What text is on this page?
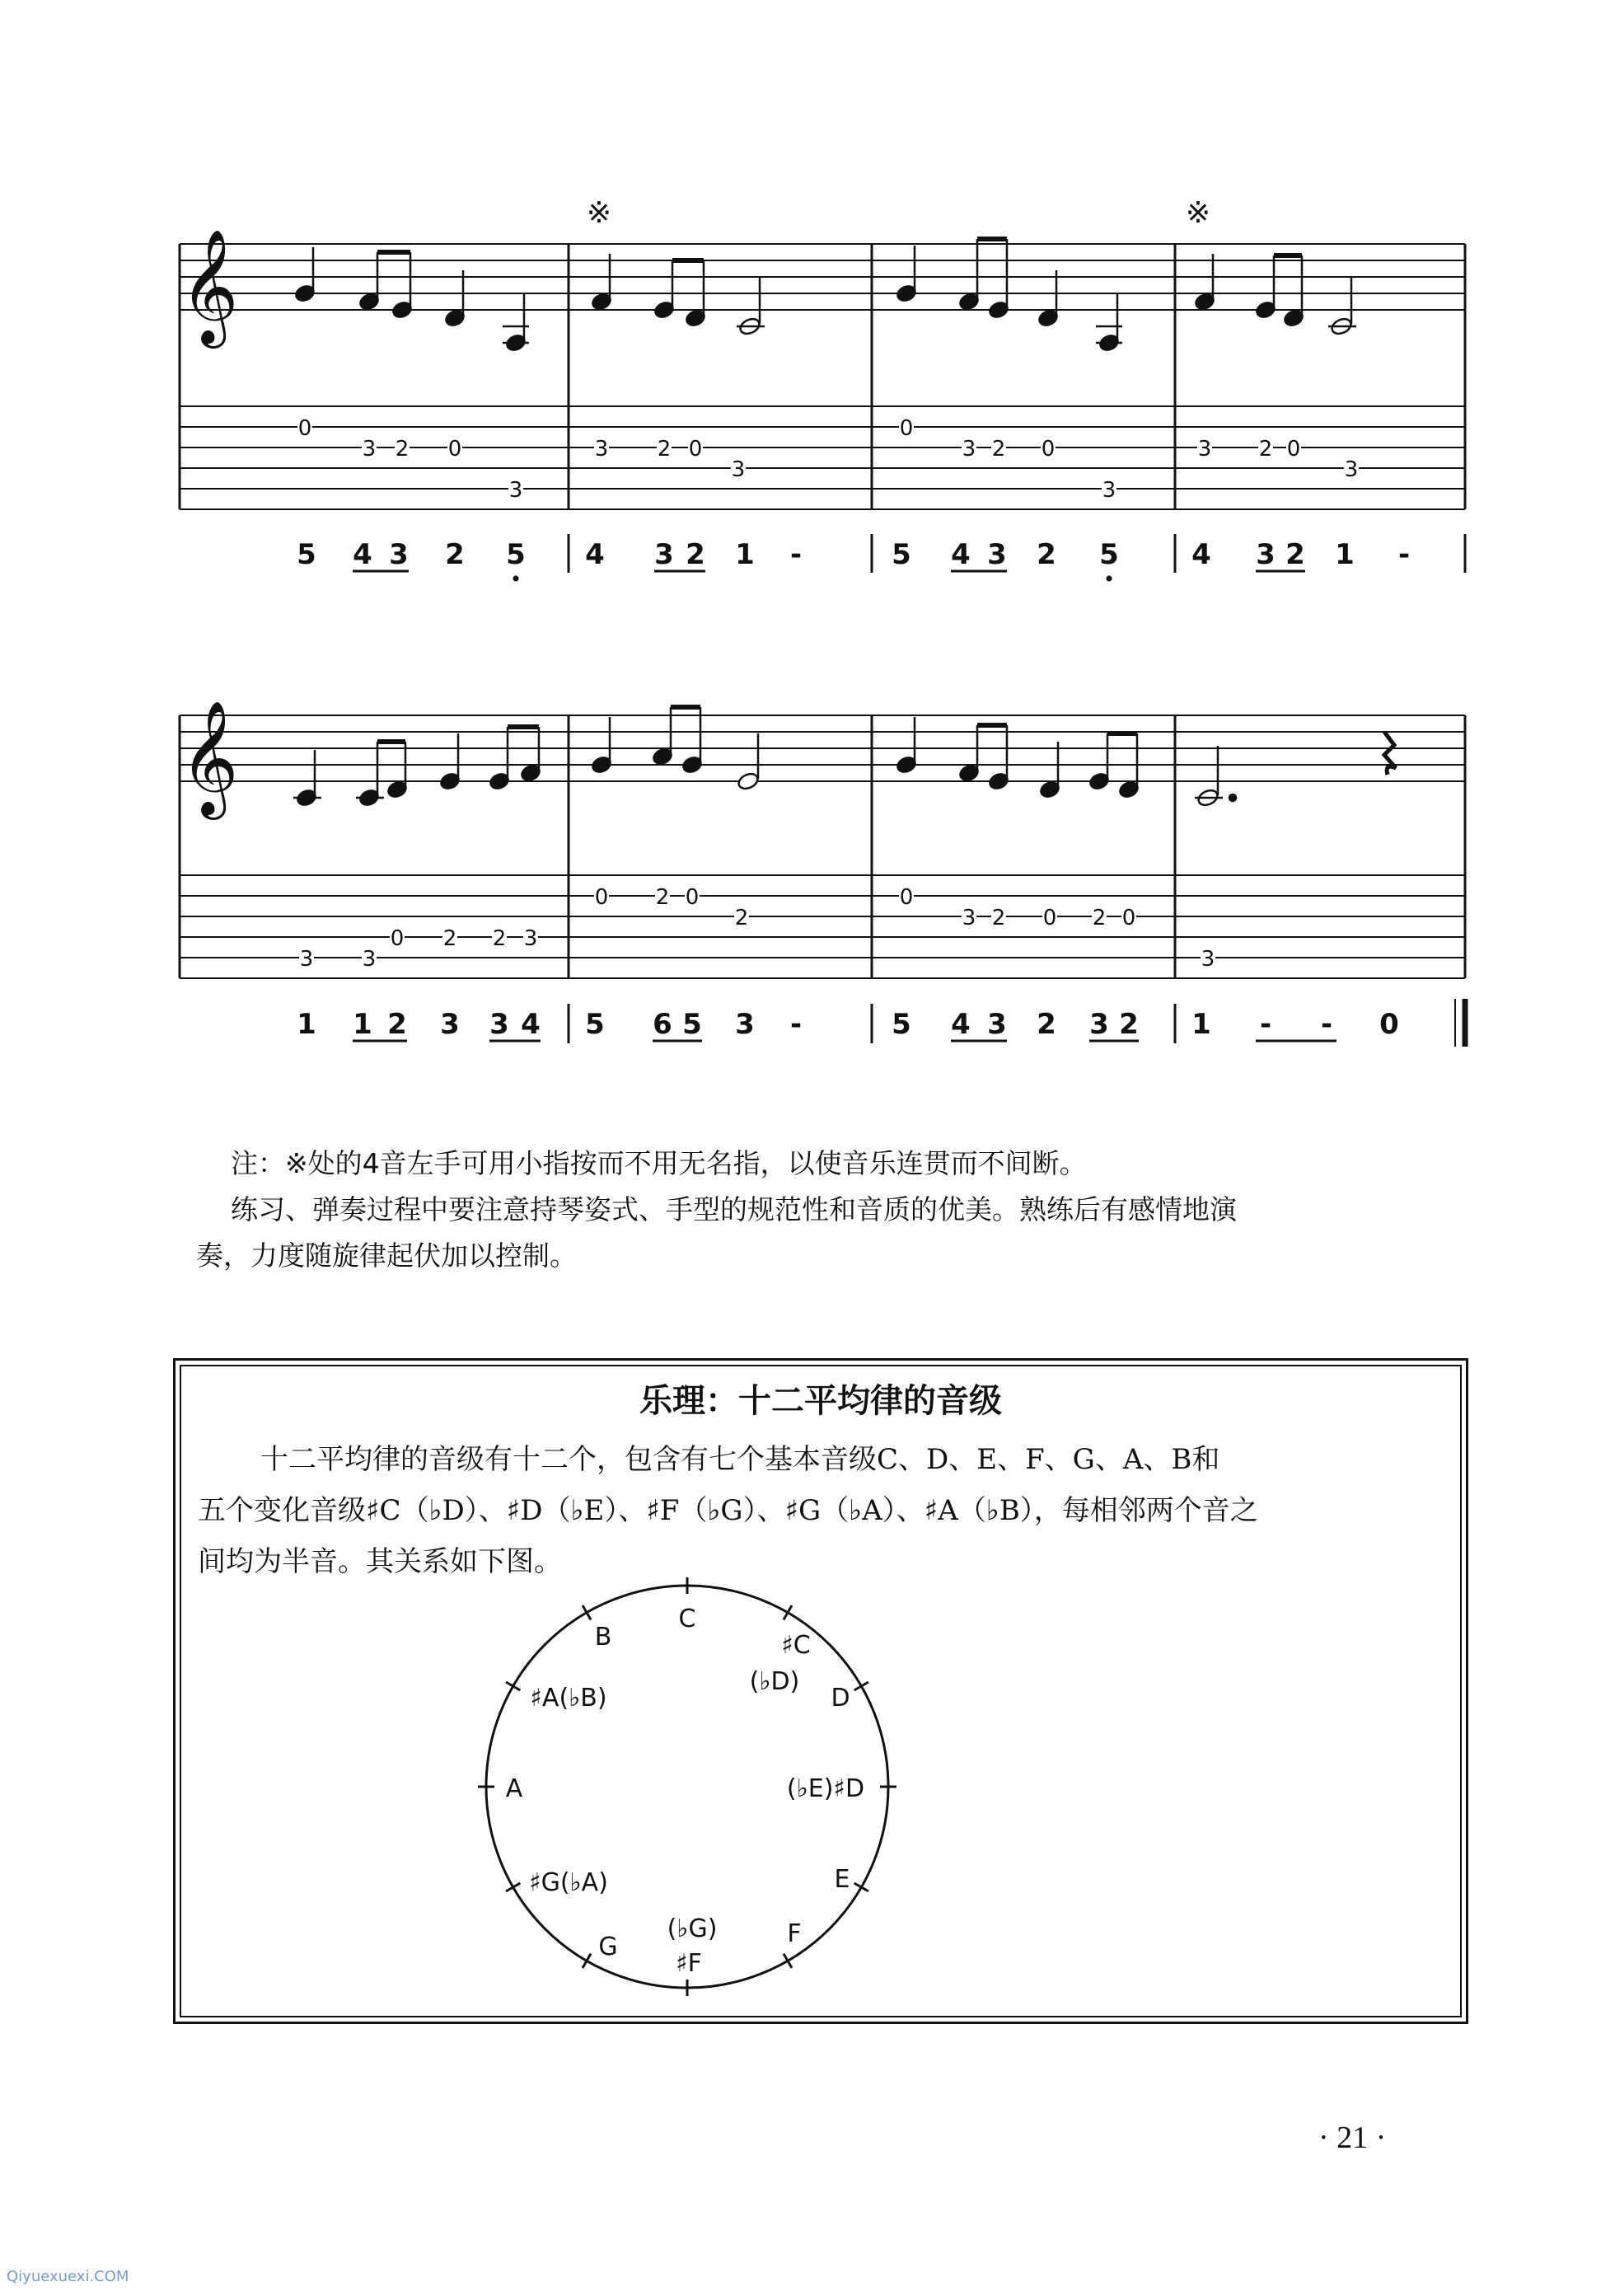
𝄞
𝄞
※	※
0
3 2 0
3
3 2 0
3
0
3 2 0
3
3 2 0
3
3 3
0 2 2 3
0 2 0
2
0
3 2 0 2 0
3
5 4 3 2 5 4 3 2 1 -	5 4 3 2 5	4 3 2 1 -
1 1 2 3 3 4 5 6 5 3 -	5 4 3 2 3 2 1 - - 0

注：※处的4音左手可用小指按而不用无名指，以使音乐连贯而不间断。

练习、弹奏过程中要注意持琴姿式、手型的规范性和音质的优美。熟练后有感情地演

奏，力度随旋律起伏加以控制。

乐理：十二平均律的音级

十二平均律的音级有十二个，包含有七个基本音级C、D、E、F、G、A、B和

五个变化音级♯C（♭D）、♯D（♭E）、♯F（♭G）、♯G（♭A）、♯A（♭B），每相邻两个音之

间均为半音。其关系如下图。

C
♯C
(♭D)
D
(♭E)♯D
E
F
(♭G)
♯F
G
♯G(♭A)
A
♯A(♭B)
B
· 21 ·
Qiyuexuexi.COM
